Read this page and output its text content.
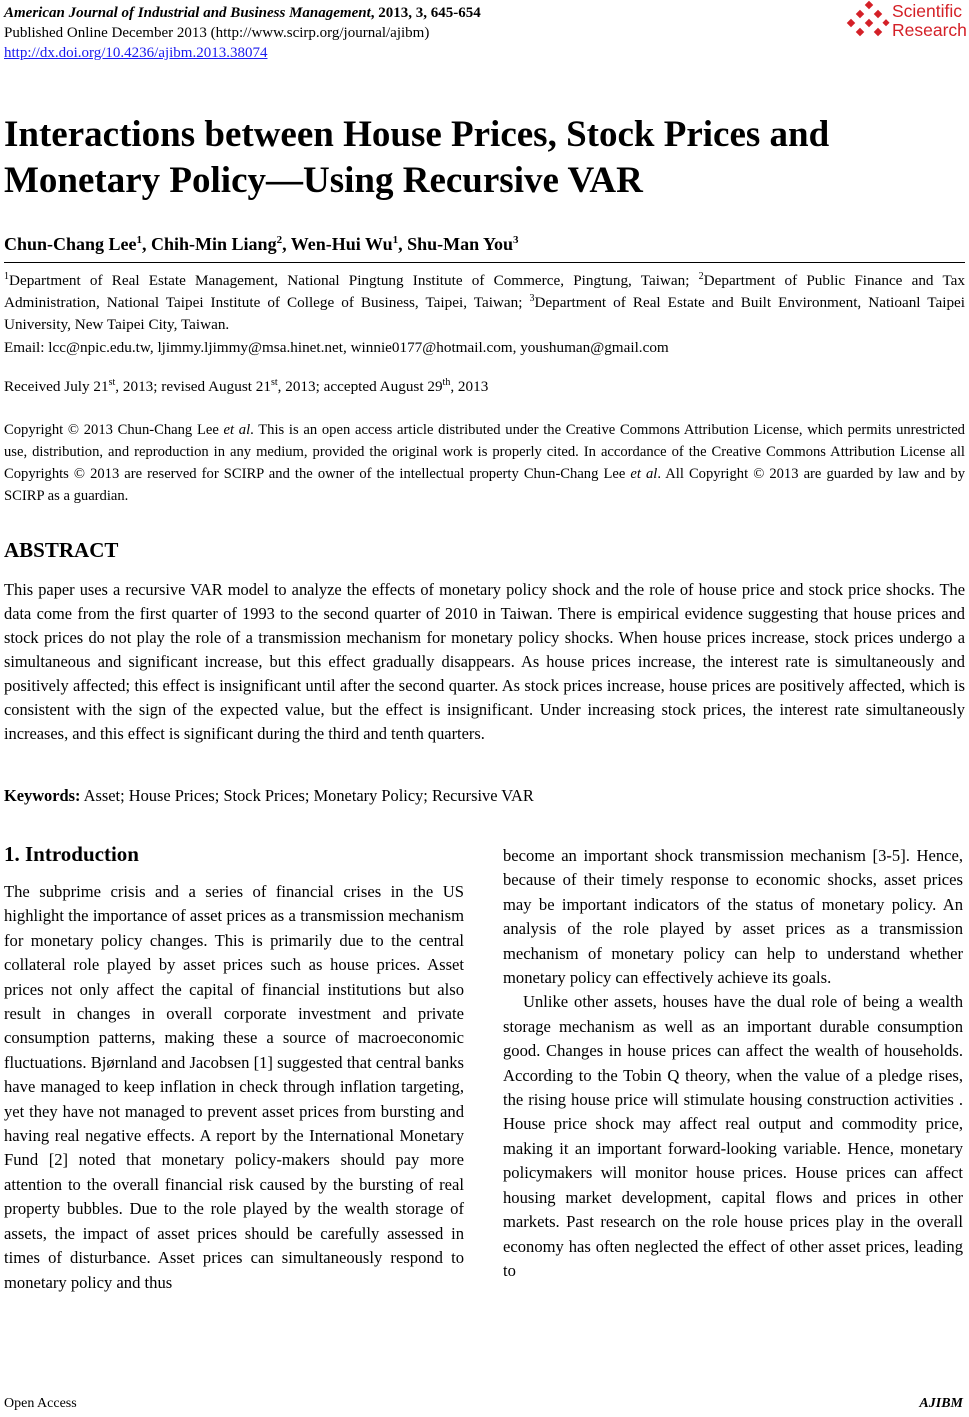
American Journal of Industrial and Business Management, 2013, 3, 645-654
Published Online December 2013 (http://www.scirp.org/journal/ajibm)
http://dx.doi.org/10.4236/ajibm.2013.38074
Scientific
Research
Interactions between House Prices, Stock Prices and Monetary Policy—Using Recursive VAR
Chun-Chang Lee$^1$, Chih-Min Liang$^2$, Wen-Hui Wu$^1$, Shu-Man You$^3$
$^1$Department of Real Estate Management, National Pingtung Institute of Commerce, Pingtung, Taiwan; $^2$Department of Public Finance and Tax Administration, National Taipei Institute of College of Business, Taipei, Taiwan; $^3$Department of Real Estate and Built Environment, Natioanl Taipei University, New Taipei City, Taiwan.
Email: lcc@npic.edu.tw, ljimmy.ljimmy@msa.hinet.net, winnie0177@hotmail.com, youshuman@gmail.com
Received July 21st, 2013; revised August 21st, 2013; accepted August 29th, 2013
Copyright © 2013 Chun-Chang Lee et al. This is an open access article distributed under the Creative Commons Attribution License, which permits unrestricted use, distribution, and reproduction in any medium, provided the original work is properly cited. In accordance of the Creative Commons Attribution License all Copyrights © 2013 are reserved for SCIRP and the owner of the intellectual property Chun-Chang Lee et al. All Copyright © 2013 are guarded by law and by SCIRP as a guardian.
ABSTRACT
This paper uses a recursive VAR model to analyze the effects of monetary policy shock and the role of house price and stock price shocks. The data come from the first quarter of 1993 to the second quarter of 2010 in Taiwan. There is empirical evidence suggesting that house prices and stock prices do not play the role of a transmission mechanism for monetary policy shocks. When house prices increase, stock prices undergo a simultaneous and significant increase, but this effect gradually disappears. As house prices increase, the interest rate is simultaneously and positively affected; this effect is insignificant until after the second quarter. As stock prices increase, house prices are positively affected, which is consistent with the sign of the expected value, but the effect is insignificant. Under increasing stock prices, the interest rate simultaneously increases, and this effect is significant during the third and tenth quarters.
Keywords: Asset; House Prices; Stock Prices; Monetary Policy; Recursive VAR
1. Introduction

The subprime crisis and a series of financial crises in the US highlight the importance of asset prices as a transmission mechanism for monetary policy changes. This is primarily due to the central collateral role played by asset prices such as house prices. Asset prices not only affect the capital of financial institutions but also result in changes in overall corporate investment and private consumption patterns, making these a source of macroeconomic fluctuations. Bjørnland and Jacobsen [1] suggested that central banks have managed to keep inflation in check through inflation targeting, yet they have not managed to prevent asset prices from bursting and having real negative effects. A report by the International Monetary Fund [2] noted that monetary policy-makers should pay more attention to the overall financial risk caused by the bursting of real property bubbles. Due to the role played by the wealth storage of assets, the impact of asset prices should be carefully assessed in times of disturbance. Asset prices can simultaneously respond to monetary policy and thus

become an important shock transmission mechanism [3-5]. Hence, because of their timely response to economic shocks, asset prices may be important indicators of the status of monetary policy. An analysis of the role played by asset prices as a transmission mechanism of monetary policy can help to understand whether monetary policy can effectively achieve its goals.

Unlike other assets, houses have the dual role of being a wealth storage mechanism as well as an important durable consumption good. Changes in house prices can affect the wealth of households. According to the Tobin Q theory, when the value of a pledge rises, the rising house price will stimulate housing construction activities . House price shock may affect real output and commodity price, making it an important forward-looking variable. Hence, monetary policymakers will monitor house prices. House prices can affect housing market development, capital flows and prices in other markets. Past research on the role house prices play in the overall economy has often neglected the effect of other asset prices, leading to

Open Access	AJIBM
